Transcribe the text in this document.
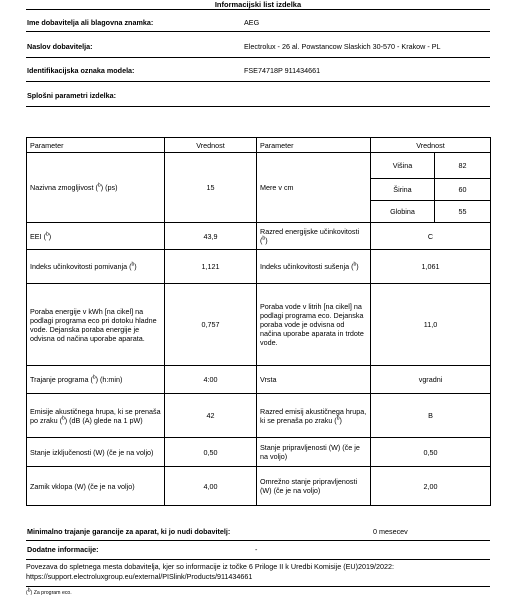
Informacijski list izdelka
Ime dobavitelja ali blagovna znamka:	AEG
Naslov dobavitelja:	Electrolux - 26 al. Powstancow Slaskich 30-570 - Krakow - PL
Identifikacijska oznaka modela:	FSE74718P 911434661
Splošni parametri izdelka:
Parameter	Vrednost	Parameter	Vrednost	
Nazivna zmogljivost ($^b$) (ps)	15	Mere v cm	Višina	82
			Širina	60
			Globina	55
EEI ($^b$)	43,9	Razred energijske učinkovitosti ($^b$)	C	
Indeks učinkovitosti pomivanja ($^b$)	1,121	Indeks učinkovitosti sušenja ($^b$)	1,061	
Poraba energije v kWh [na cikel] na podlagi programa eco pri dotoku hladne vode. Dejanska poraba energije je odvisna od načina uporabe aparata.	0,757	Poraba vode v litrih [na cikel] na podlagi programa eco. Dejanska poraba vode je odvisna od načina uporabe aparata in trdote vode.	11,0	
Trajanje programa ($^b$) (h:min)	4:00	Vrsta	vgradni	
Emisije akustičnega hrupa, ki se prenaša po zraku ($^b$) (dB (A) glede na 1 pW)	42	Razred emisij akustičnega hrupa, ki se prenaša po zraku ($^b$)	B	
Stanje izključenosti (W) (če je na voljo)	0,50	Stanje pripravljenosti (W) (če je na voljo)	0,50	
Zamik vklopa (W) (če je na voljo)	4,00	Omrežno stanje pripravljenosti (W) (če je na voljo)	2,00	
Minimalno trajanje garancije za aparat, ki jo nudi dobavitelj:	0 mesecev
Dodatne informacije:	-
Povezava do spletnega mesta dobavitelja, kjer so informacije iz točke 6 Priloge II k Uredbi Komisije (EU)2019/2022: https://support.electroluxgroup.eu/external/PISlink/Products/911434661
($^b$) Za program eco.
